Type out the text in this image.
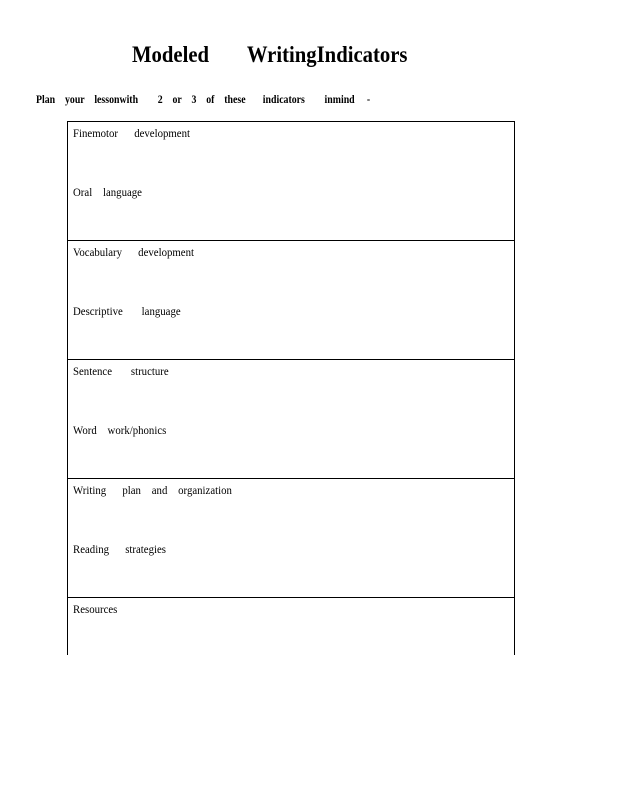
Modeled WritingIndicators
Plan    your    lessonwith        2    or    3    of    these       indicators        inmind     -
Finemotor      development
Oral    language
Vocabulary      development
Descriptive       language
Sentence       structure
Word    work/phonics
Writing      plan    and    organization
Reading      strategies
Resources
